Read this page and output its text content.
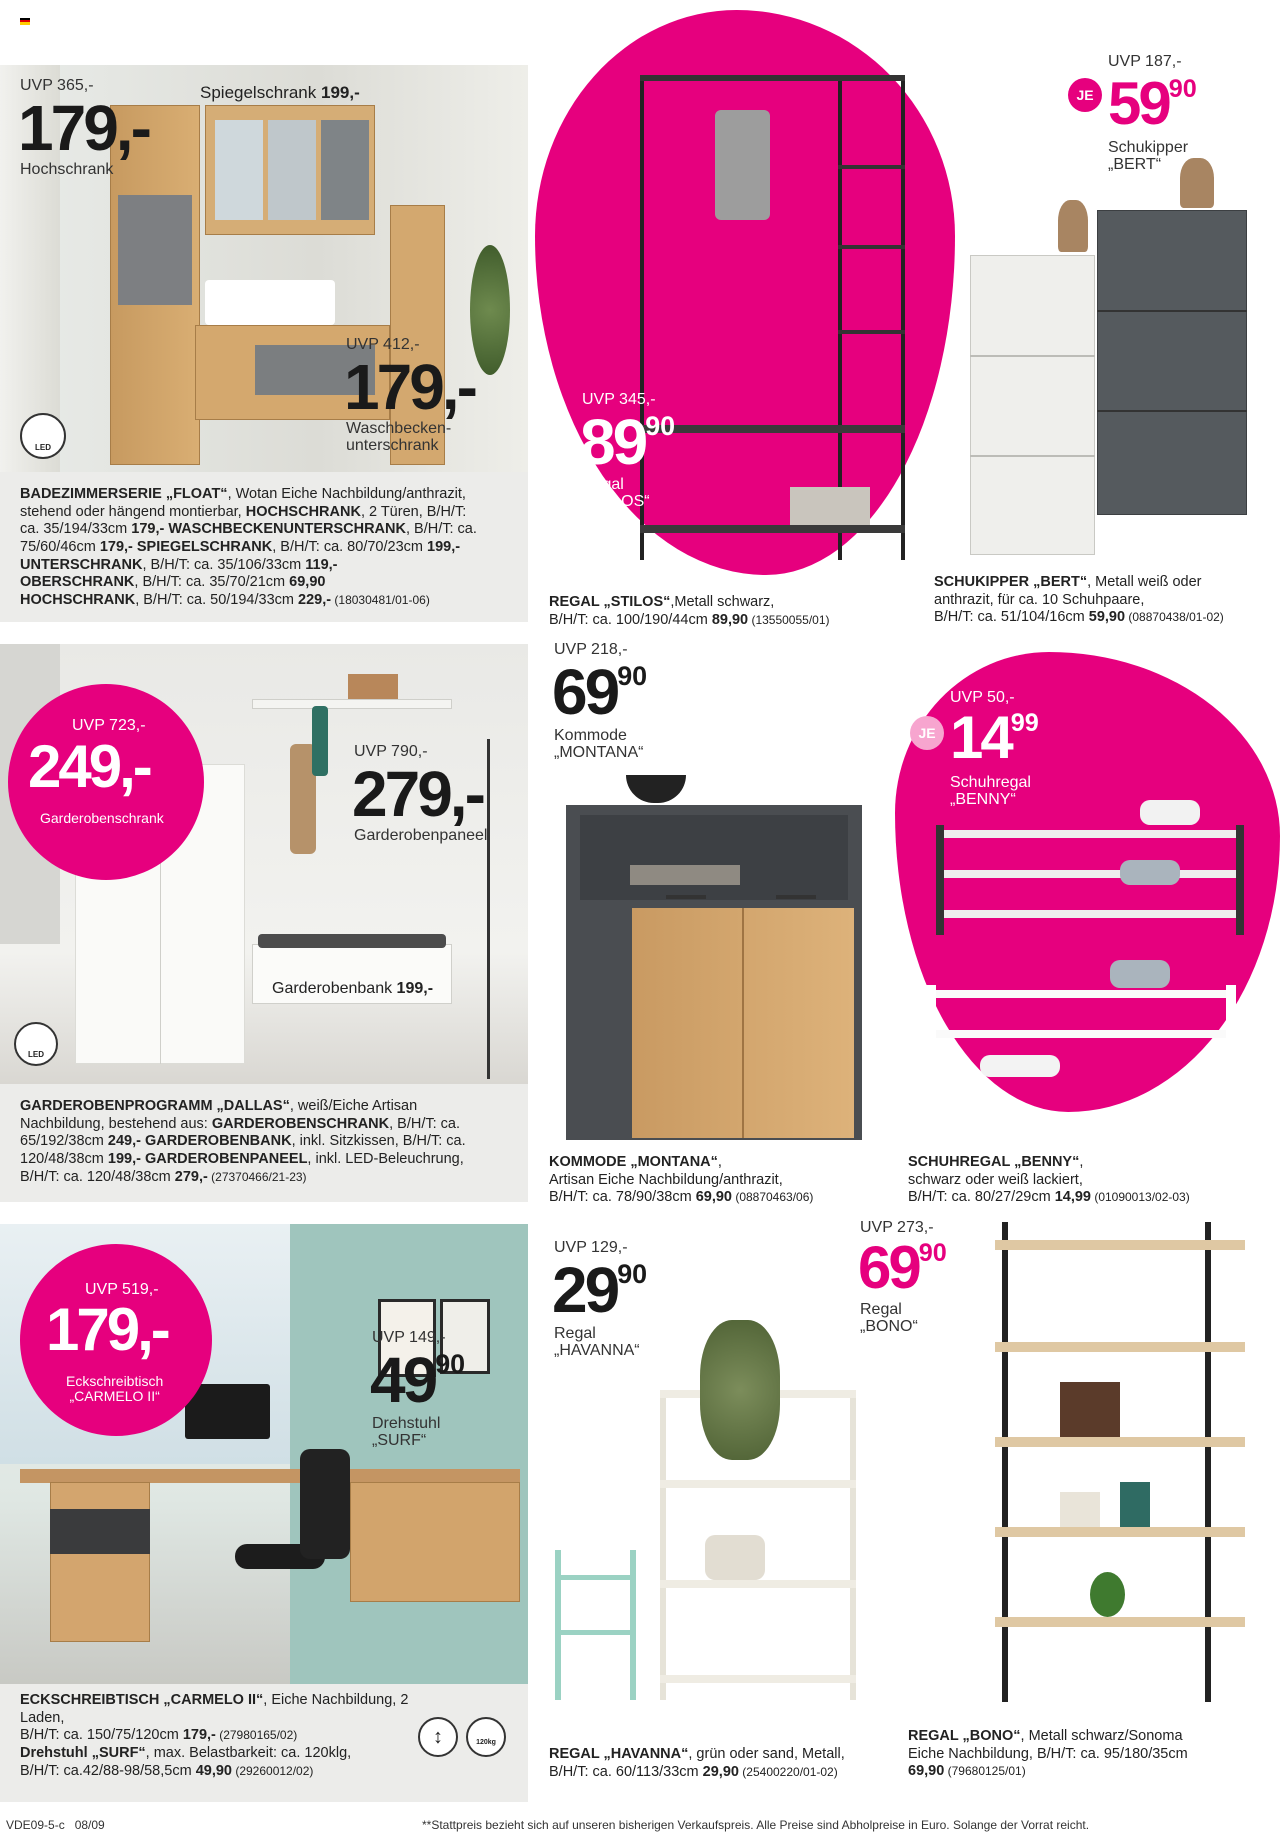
UVP 365,-
179,-
Hochschrank
Spiegelschrank 199,-
UVP 412,-
179,-
Waschbecken-
unterschrank
LED
BADEZIMMERSERIE „FLOAT“, Wotan Eiche Nachbildung/anthrazit,
stehend oder hängend montierbar, HOCHSCHRANK, 2 Türen, B/H/T:
ca. 35/194/33cm 179,- WASCHBECKENUNTERSCHRANK, B/H/T: ca.
75/60/46cm 179,- SPIEGELSCHRANK, B/H/T: ca. 80/70/23cm 199,-
UNTERSCHRANK, B/H/T: ca. 35/106/33cm 119,-
OBERSCHRANK, B/H/T: ca. 35/70/21cm 69,90
HOCHSCHRANK, B/H/T: ca. 50/194/33cm 229,- (18030481/01-06)
UVP 345,-
$89^{90}$
Regal
„STILOS“
REGAL „STILOS“,Metall schwarz,
B/H/T: ca. 100/190/44cm 89,90 (13550055/01)
UVP 187,-
JE $59^{90}$
Schukipper
„BERT“
SCHUKIPPER „BERT“, Metall weiß oder
anthrazit, für ca. 10 Schuhpaare,
B/H/T: ca. 51/104/16cm 59,90 (08870438/01-02)
UVP 723,-
249,-
Garderobenschrank
UVP 790,-
279,-
Garderobenpaneel
Garderobenbank 199,-
LED
GARDEROBENPROGRAMM „DALLAS“, weiß/Eiche Artisan
Nachbildung, bestehend aus: GARDEROBENSCHRANK, B/H/T: ca.
65/192/38cm 249,- GARDEROBENBANK, inkl. Sitzkissen, B/H/T: ca.
120/48/38cm 199,- GARDEROBENPANEEL, inkl. LED-Beleuchrung,
B/H/T: ca. 120/48/38cm 279,- (27370466/21-23)
UVP 218,-
$69^{90}$
Kommode
„MONTANA“
KOMMODE „MONTANA“,
Artisan Eiche Nachbildung/anthrazit,
B/H/T: ca. 78/90/38cm 69,90 (08870463/06)
UVP 50,-
JE $14^{99}$
Schuhregal
„BENNY“
SCHUHREGAL „BENNY“,
schwarz oder weiß lackiert,
B/H/T: ca. 80/27/29cm 14,99 (01090013/02-03)
UVP 519,-
179,-
Eckschreibtisch
„CARMELO II“
UVP 149,-
$49^{90}$
Drehstuhl
„SURF“
ECKSCHREIBTISCH „CARMELO II“, Eiche Nachbildung, 2 Laden,
B/H/T: ca. 150/75/120cm 179,- (27980165/02)
Drehstuhl „SURF“, max. Belastbarkeit: ca. 120klg,
B/H/T: ca.42/88-98/58,5cm 49,90 (29260012/02)
↕	120kg
UVP 129,-
$29^{90}$
Regal
„HAVANNA“
REGAL „HAVANNA“, grün oder sand, Metall,
B/H/T: ca. 60/113/33cm 29,90 (25400220/01-02)
UVP 273,-
$69^{90}$
Regal
„BONO“
REGAL „BONO“, Metall schwarz/Sonoma
Eiche Nachbildung, B/H/T: ca. 95/180/35cm
69,90 (79680125/01)
VDE09-5-c   08/09	**Stattpreis bezieht sich auf unseren bisherigen Verkaufspreis. Alle Preise sind Abholpreise in Euro. Solange der Vorrat reicht.
